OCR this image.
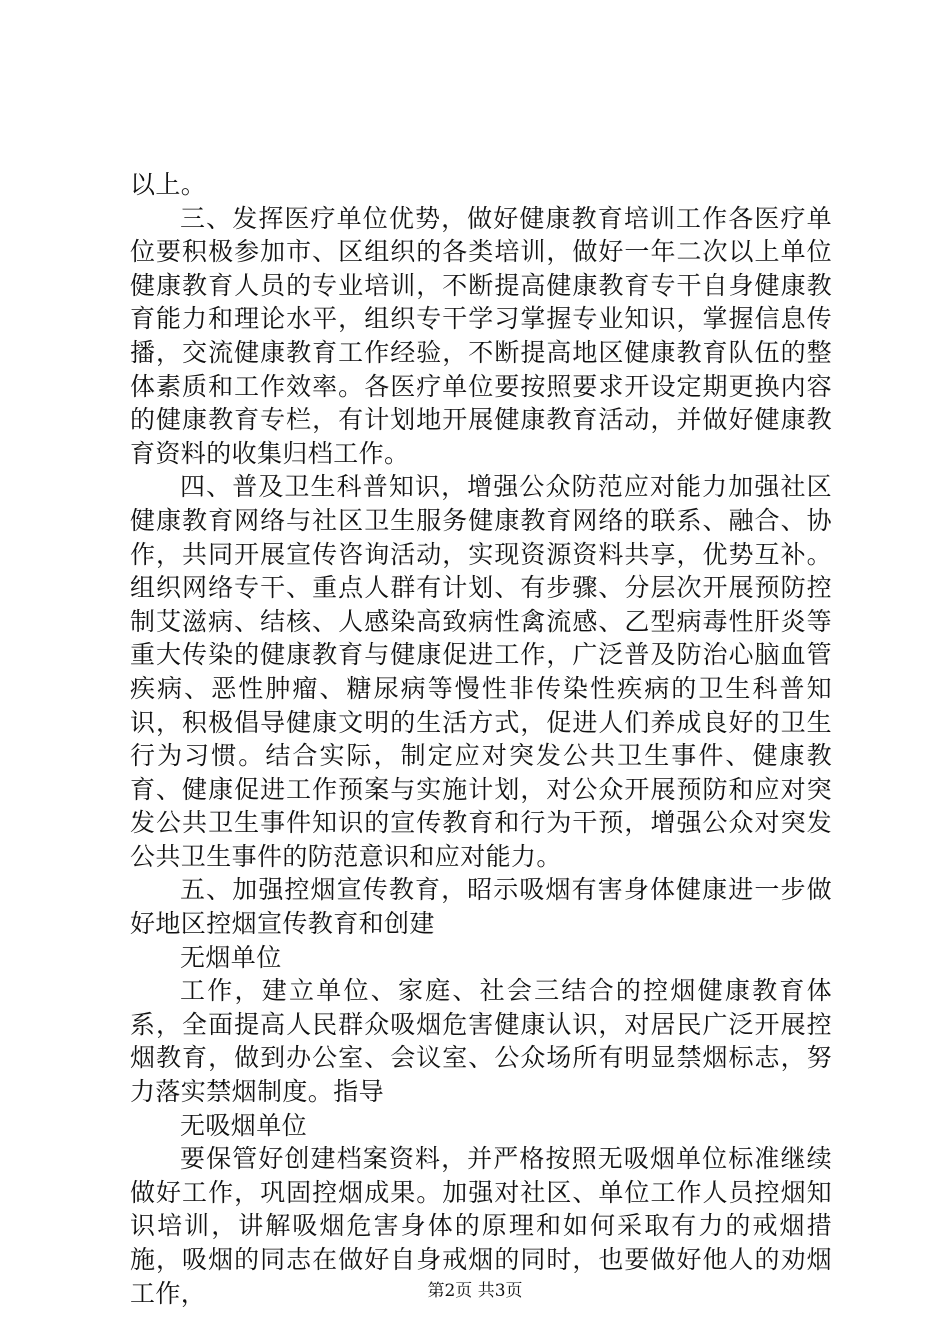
以上。

三、发挥医疗单位优势，做好健康教育培训工作各医疗单位要积极参加市、区组织的各类培训，做好一年二次以上单位健康教育人员的专业培训，不断提高健康教育专干自身健康教育能力和理论水平，组织专干学习掌握专业知识，掌握信息传播，交流健康教育工作经验，不断提高地区健康教育队伍的整体素质和工作效率。各医疗单位要按照要求开设定期更换内容的健康教育专栏，有计划地开展健康教育活动，并做好健康教育资料的收集归档工作。

四、普及卫生科普知识，增强公众防范应对能力加强社区健康教育网络与社区卫生服务健康教育网络的联系、融合、协作，共同开展宣传咨询活动，实现资源资料共享，优势互补。组织网络专干、重点人群有计划、有步骤、分层次开展预防控制艾滋病、结核、人感染高致病性禽流感、乙型病毒性肝炎等重大传染的健康教育与健康促进工作，广泛普及防治心脑血管疾病、恶性肿瘤、糖尿病等慢性非传染性疾病的卫生科普知识，积极倡导健康文明的生活方式，促进人们养成良好的卫生行为习惯。结合实际，制定应对突发公共卫生事件、健康教育、健康促进工作预案与实施计划，对公众开展预防和应对突发公共卫生事件知识的宣传教育和行为干预，增强公众对突发公共卫生事件的防范意识和应对能力。

五、加强控烟宣传教育，昭示吸烟有害身体健康进一步做好地区控烟宣传教育和创建

无烟单位

工作，建立单位、家庭、社会三结合的控烟健康教育体系，全面提高人民群众吸烟危害健康认识，对居民广泛开展控烟教育，做到办公室、会议室、公众场所有明显禁烟标志，努力落实禁烟制度。指导

无吸烟单位

要保管好创建档案资料，并严格按照无吸烟单位标准继续做好工作，巩固控烟成果。加强对社区、单位工作人员控烟知识培训，讲解吸烟危害身体的原理和如何采取有力的戒烟措施，吸烟的同志在做好自身戒烟的同时，也要做好他人的劝烟工作，	第2页 共3页
